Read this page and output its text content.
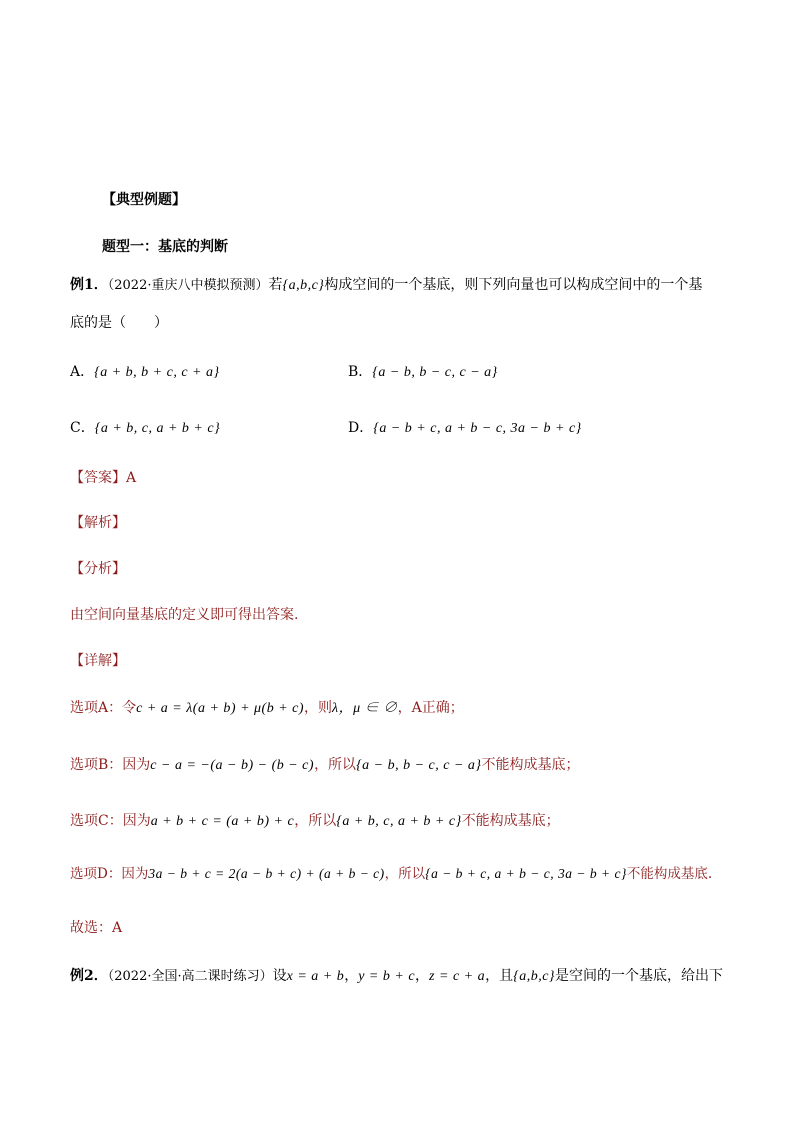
【典型例题】
题型一：基底的判断
例1．（2022·重庆八中模拟预测）若{a,b,c}构成空间的一个基底，则下列向量也可以构成空间中的一个基
底的是（　　）
A．{a + b, b + c, c + a}	B．{a − b, b − c, c − a}
C．{a + b, c, a + b + c}	D．{a − b + c, a + b − c, 3a − b + c}
【答案】A
【解析】
【分析】
由空间向量基底的定义即可得出答案.
【详解】
选项A：令c + a = λ(a + b) + μ(b + c)，则λ，μ ∈ ∅，A正确；
选项B：因为c − a = −(a − b) − (b − c)，所以{a − b, b − c, c − a}不能构成基底；
选项C：因为a + b + c = (a + b) + c，所以{a + b, c, a + b + c}不能构成基底；
选项D：因为3a − b + c = 2(a − b + c) + (a + b − c)，所以{a − b + c, a + b − c, 3a − b + c}不能构成基底.
故选：A
例2．（2022·全国·高二课时练习）设x = a + b，y = b + c，z = c + a，且{a,b,c}是空间的一个基底，给出下
